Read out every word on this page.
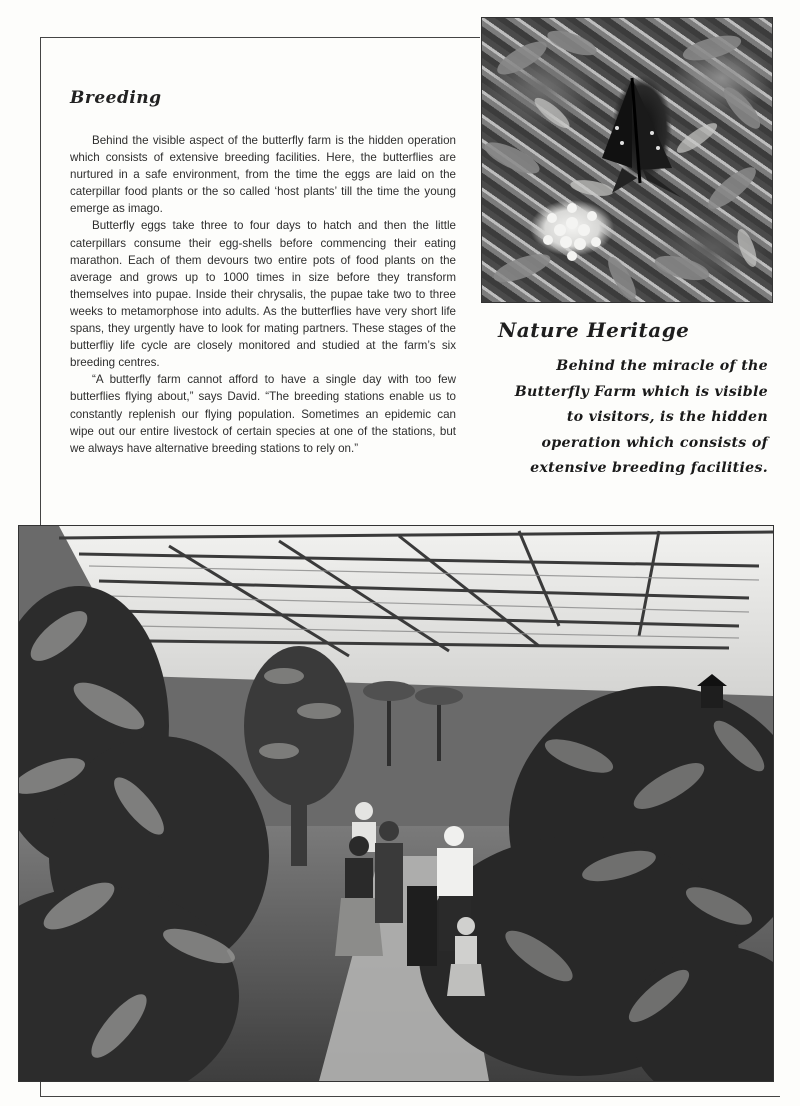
Breeding

Behind the visible aspect of the butterfly farm is the hidden operation which consists of extensive breeding facilities. Here, the butterflies are nurtured in a safe environment, from the time the eggs are laid on the caterpillar food plants or the so called ‘host plants’ till the time the young emerge as imago.

Butterfly eggs take three to four days to hatch and then the little caterpillars consume their egg-shells before commencing their eating marathon. Each of them devours two entire pots of food plants on the average and grows up to 1000 times in size before they transform themselves into pupae. Inside their chrysalis, the pupae take two to three weeks to metamorphose into adults. As the butterflies have very short life spans, they urgently have to look for mating partners. These stages of the butterfliy life cycle are closely monitored and studied at the farm’s six breeding centres.

“A butterfly farm cannot afford to have a single day with too few butterflies flying about,” says David. “The breeding stations enable us to constantly replenish our flying population. Sometimes an epidemic can wipe out our entire livestock of certain species at one of the stations, but we always have alternative breeding stations to rely on.”

Nature Heritage

Behind the miracle of the
Butterfly Farm which is visible
to visitors, is the hidden
operation which consists of
extensive breeding facilities.
